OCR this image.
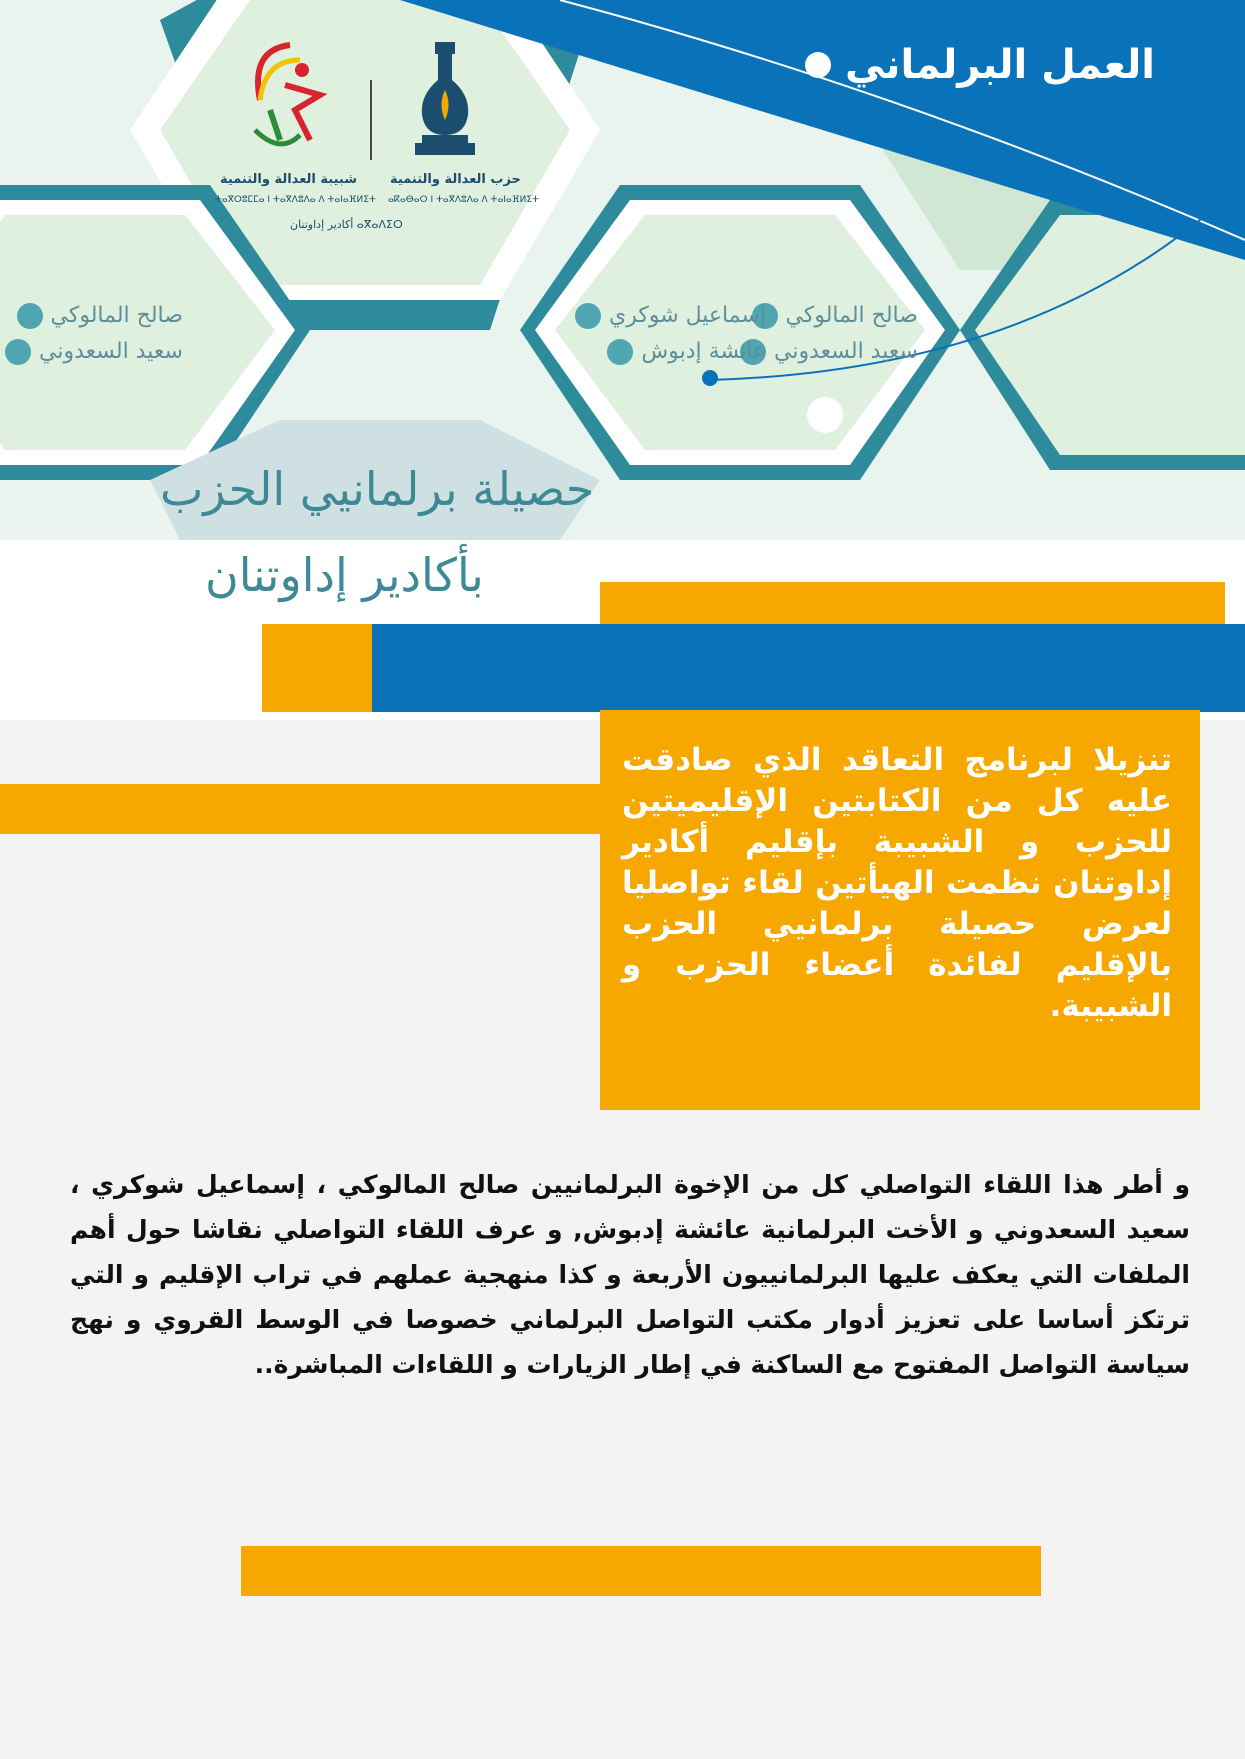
العمل البرلماني
شبيبة العدالة والتنمية
ⵜⴰⴳⵔⵓⵎⵎⴰ ⵏ ⵜⴰⴳⴷⵓⴷⴰ ⴷ ⵜⴰⵏⴰⴼⵍⵉⵜ
حزب العدالة والتنمية
ⴰⴽⴰⴱⴰⵔ ⵏ ⵜⴰⴳⴷⵓⴷⴰ ⴷ ⵜⴰⵏⴰⴼⵍⵉⵜ
أكادير إداوتنان ⴰⴳⴰⴷⵉⵔ
صالح المالوكي
سعيد السعدوني
صالح المالوكي
سعيد السعدوني
إسماعيل شوكري
عائشة إدبوش
حصيلة برلمانيي الحزب
بأكادير إداوتنان
تنزيلا لبرنامج التعاقد الذي صادقت عليه كل من الكتابتين الإقليميتين للحزب و الشبيبة بإقليم أكادير إداوتنان نظمت الهيأتين لقاء تواصليا لعرض حصيلة برلمانيي الحزب بالإقليم لفائدة أعضاء الحزب و الشبيبة.
و أطر هذا اللقاء التواصلي كل من الإخوة البرلمانيين صالح المالوكي ، إسماعيل شوكري ، سعيد السعدوني و الأخت البرلمانية عائشة إدبوش, و عرف اللقاء التواصلي نقاشا حول أهم الملفات التي يعكف عليها البرلمانييون الأربعة و كذا منهجية عملهم في تراب الإقليم و التي ترتكز أساسا على تعزيز أدوار مكتب التواصل البرلماني خصوصا في الوسط القروي و نهج سياسة التواصل المفتوح مع الساكنة في إطار الزيارات و اللقاءات المباشرة..
